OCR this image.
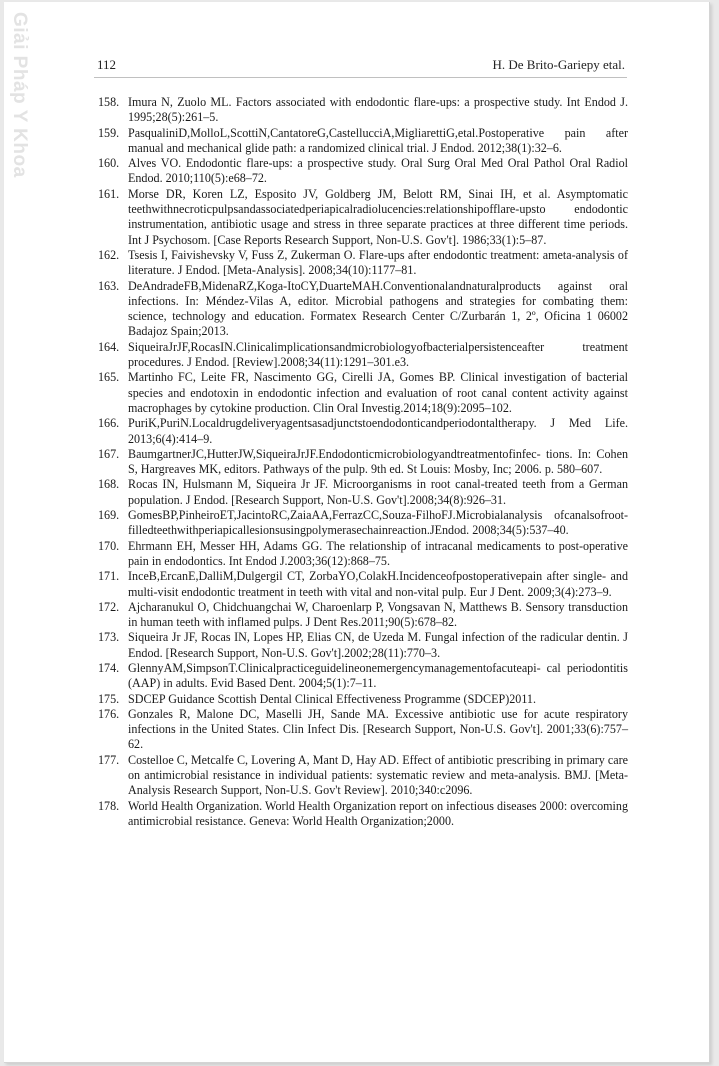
Giải Pháp Y Khoa	112	H. De Brito-Gariepy etal.
158. Imura N, Zuolo ML. Factors associated with endodontic flare-ups: a prospective study. Int Endod J. 1995;28(5):261–5.
159. PasqualiniD,MolloL,ScottiN,CantatoreG,CastellucciA,MigliarettiG,etal.Postoperative pain after manual and mechanical glide path: a randomized clinical trial. J Endod. 2012;38(1):32–6.
160. Alves VO. Endodontic flare-ups: a prospective study. Oral Surg Oral Med Oral Pathol Oral Radiol Endod. 2010;110(5):e68–72.
161. Morse DR, Koren LZ, Esposito JV, Goldberg JM, Belott RM, Sinai IH, et al. Asymptomatic teethwithnecroticpulpsandassociatedperiapicalradiolucencies:relationshipofflare-upsto endodontic instrumentation, antibiotic usage and stress in three separate practices at three different time periods. Int J Psychosom. [Case Reports Research Support, Non-U.S. Gov't]. 1986;33(1):5–87.
162. Tsesis I, Faivishevsky V, Fuss Z, Zukerman O. Flare-ups after endodontic treatment: ameta-analysis of literature. J Endod. [Meta-Analysis]. 2008;34(10):1177–81.
163. DeAndradeFB,MidenaRZ,Koga-ItoCY,DuarteMAH.Conventionalandnaturalproducts against oral infections. In: Méndez-Vilas A, editor. Microbial pathogens and strategies for combating them: science, technology and education. Formatex Research Center C/Zurbarán 1, 2º, Oficina 1 06002 Badajoz Spain;2013.
164. SiqueiraJrJF,RocasIN.Clinicalimplicationsandmicrobiologyofbacterialpersistenceafter treatment procedures. J Endod. [Review].2008;34(11):1291–301.e3.
165. Martinho FC, Leite FR, Nascimento GG, Cirelli JA, Gomes BP. Clinical investigation of bacterial species and endotoxin in endodontic infection and evaluation of root canal content activity against macrophages by cytokine production. Clin Oral Investig.2014;18(9):2095–102.
166. PuriK,PuriN.Localdrugdeliveryagentsasadjunctstoendodonticandperiodontaltherapy. J Med Life. 2013;6(4):414–9.
167. BaumgartnerJC,HutterJW,SiqueiraJrJF.Endodonticmicrobiologyandtreatmentofinfec- tions. In: Cohen S, Hargreaves MK, editors. Pathways of the pulp. 9th ed. St Louis: Mosby, Inc; 2006. p. 580–607.
168. Rocas IN, Hulsmann M, Siqueira Jr JF. Microorganisms in root canal-treated teeth from a German population. J Endod. [Research Support, Non-U.S. Gov't].2008;34(8):926–31.
169. GomesBP,PinheiroET,JacintoRC,ZaiaAA,FerrazCC,Souza-FilhoFJ.Microbialanalysis ofcanalsofroot-filledteethwithperiapicallesionsusingpolymerasechainreaction.JEndod. 2008;34(5):537–40.
170. Ehrmann EH, Messer HH, Adams GG. The relationship of intracanal medicaments to post-operative pain in endodontics. Int Endod J.2003;36(12):868–75.
171. InceB,ErcanE,DalliM,Dulgergil CT, ZorbaYO,ColakH.Incidenceofpostoperativepain after single- and multi-visit endodontic treatment in teeth with vital and non-vital pulp. Eur J Dent. 2009;3(4):273–9.
172. Ajcharanukul O, Chidchuangchai W, Charoenlarp P, Vongsavan N, Matthews B. Sensory transduction in human teeth with inflamed pulps. J Dent Res.2011;90(5):678–82.
173. Siqueira Jr JF, Rocas IN, Lopes HP, Elias CN, de Uzeda M. Fungal infection of the radicular dentin. J Endod. [Research Support, Non-U.S. Gov't].2002;28(11):770–3.
174. GlennyAM,SimpsonT.Clinicalpracticeguidelineonemergencymanagementofacuteapi- cal periodontitis (AAP) in adults. Evid Based Dent. 2004;5(1):7–11.
175. SDCEP Guidance Scottish Dental Clinical Effectiveness Programme (SDCEP)2011.
176. Gonzales R, Malone DC, Maselli JH, Sande MA. Excessive antibiotic use for acute respiratory infections in the United States. Clin Infect Dis. [Research Support, Non-U.S. Gov't]. 2001;33(6):757–62.
177. Costelloe C, Metcalfe C, Lovering A, Mant D, Hay AD. Effect of antibiotic prescribing in primary care on antimicrobial resistance in individual patients: systematic review and meta-analysis. BMJ. [Meta-Analysis Research Support, Non-U.S. Gov't Review]. 2010;340:c2096.
178. World Health Organization. World Health Organization report on infectious diseases 2000: overcoming antimicrobial resistance. Geneva: World Health Organization;2000.
